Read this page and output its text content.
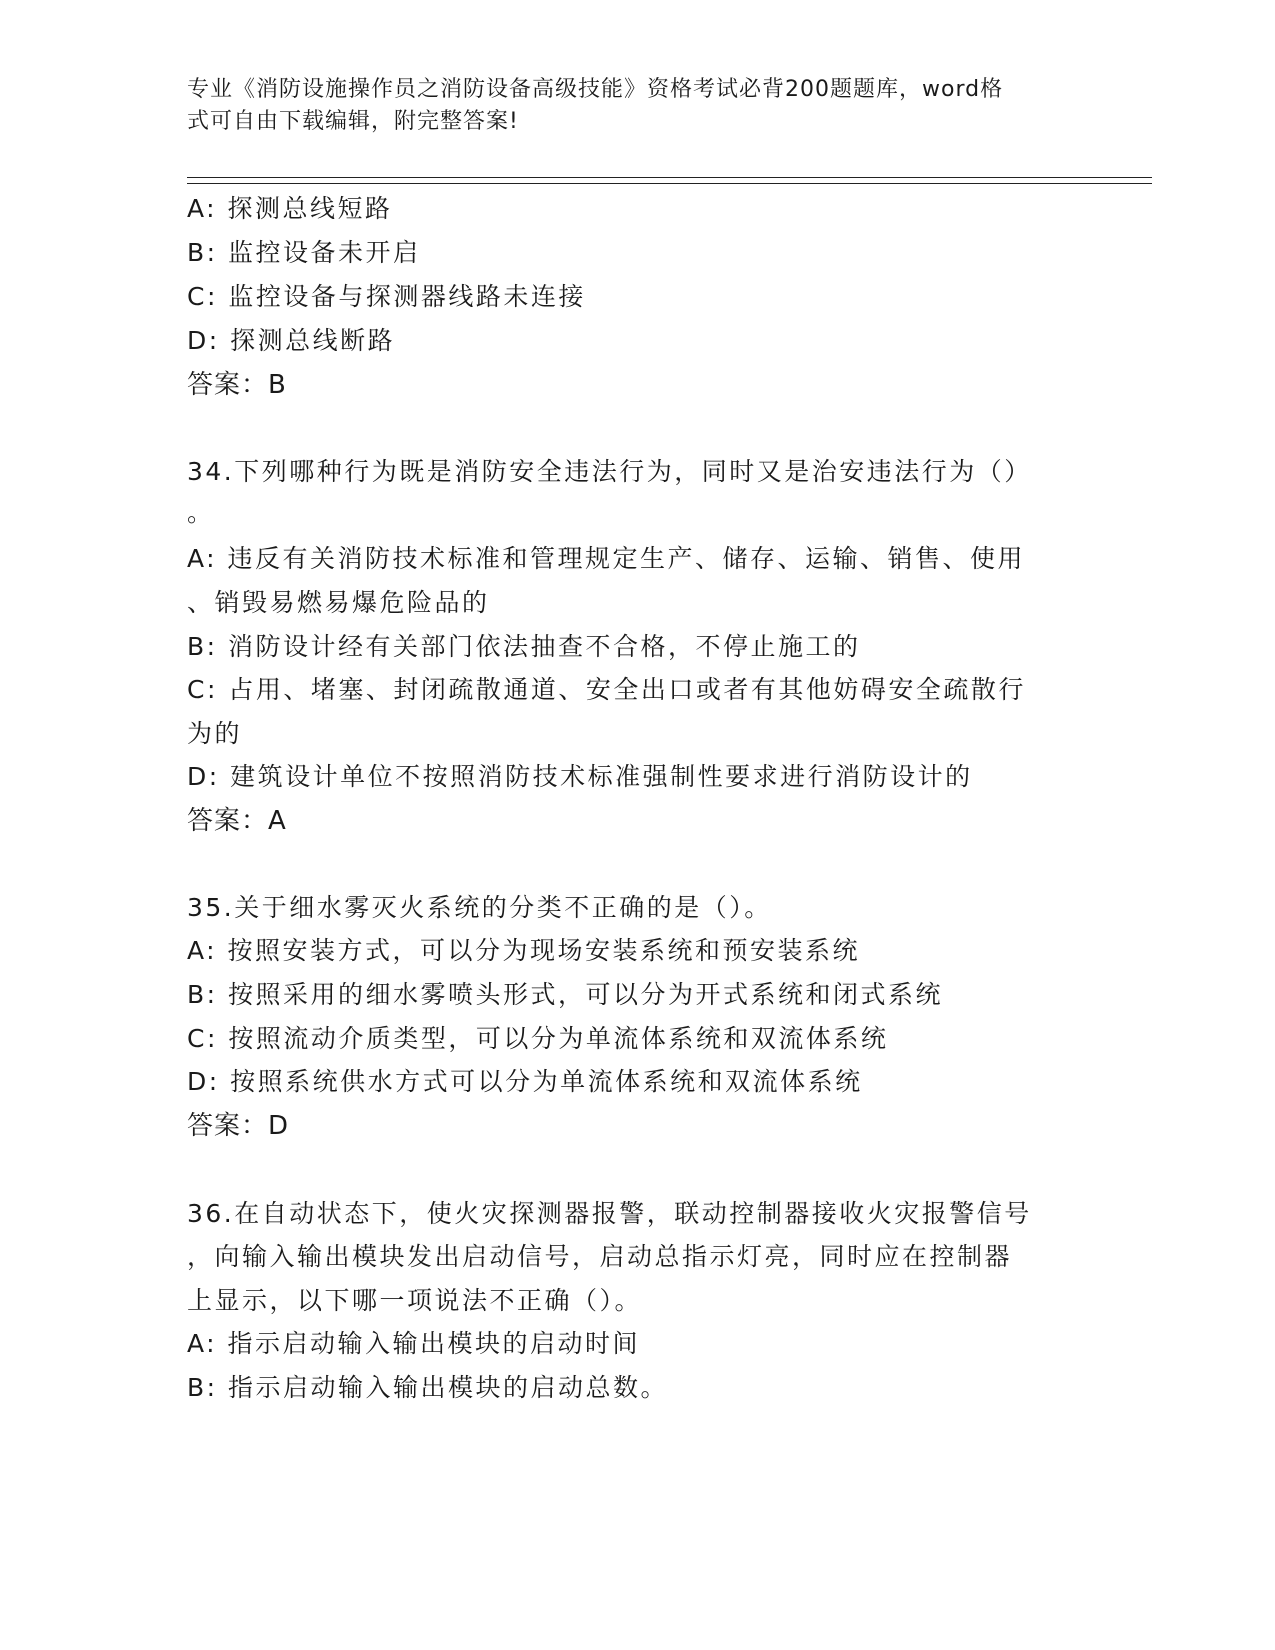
专业《消防设施操作员之消防设备高级技能》资格考试必背200题题库，word格
式可自由下载编辑，附完整答案!
A: 探测总线短路
B: 监控设备未开启
C: 监控设备与探测器线路未连接
D: 探测总线断路
答案：B
34.下列哪种行为既是消防安全违法行为，同时又是治安违法行为（）
。
A: 违反有关消防技术标准和管理规定生产、储存、运输、销售、使用
、销毁易燃易爆危险品的
B: 消防设计经有关部门依法抽查不合格，不停止施工的
C: 占用、堵塞、封闭疏散通道、安全出口或者有其他妨碍安全疏散行
为的
D: 建筑设计单位不按照消防技术标准强制性要求进行消防设计的
答案：A
35.关于细水雾灭火系统的分类不正确的是（）。
A: 按照安装方式，可以分为现场安装系统和预安装系统
B: 按照采用的细水雾喷头形式，可以分为开式系统和闭式系统
C: 按照流动介质类型，可以分为单流体系统和双流体系统
D: 按照系统供水方式可以分为单流体系统和双流体系统
答案：D
36.在自动状态下，使火灾探测器报警，联动控制器接收火灾报警信号
，向输入输出模块发出启动信号，启动总指示灯亮，同时应在控制器
上显示，以下哪一项说法不正确（）。
A: 指示启动输入输出模块的启动时间
B: 指示启动输入输出模块的启动总数。
